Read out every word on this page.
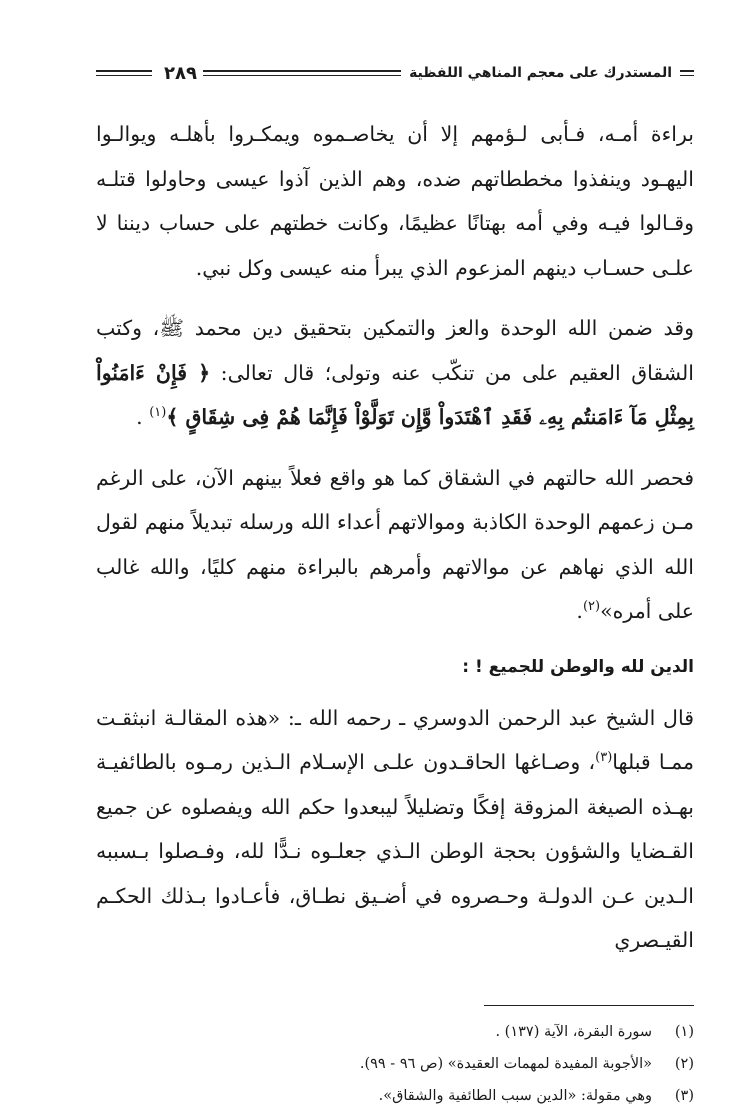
المستدرك على معجم المناهي اللفظية
٢٨٩

براءة أمـه، فـأبى لـؤمهم إلا أن يخاصـموه ويمكـروا بأهلـه ويوالـوا اليهـود وينفذوا مخططاتهم ضده، وهم الذين آذوا عيسى وحاولوا قتلـه وقـالوا فيـه وفي أمه بهتانًا عظيمًا، وكانت خطتهم على حساب ديننا لا علـى حسـاب دينهم المزعوم الذي يبرأ منه عيسى وكل نبي.

وقد ضمن الله الوحدة والعز والتمكين بتحقيق دين محمد ﷺ، وكتب الشقاق العقيم على من تنكّب عنه وتولى؛ قال تعالى: ﴿ فَإِنْ ءَامَنُواْ بِمِثْلِ مَآ ءَامَنتُم بِهِۦ فَقَدِ ٱهْتَدَواْ وَّإِن تَوَلَّوْاْ فَإِنَّمَا هُمْ فِى شِقَاقٍ ﴾$^{(١)}$ .

فحصر الله حالتهم في الشقاق كما هو واقع فعلاً بينهم الآن، على الرغم مـن زعمهم الوحدة الكاذبة وموالاتهم أعداء الله ورسله تبديلاً منهم لقول الله الذي نهاهم عن موالاتهم وأمرهم بالبراءة منهم كليًا، والله غالب على أمره»$^{(٢)}$.

الدين لله والوطن للجميع ! :

قال الشيخ عبد الرحمن الدوسري ـ رحمه الله ـ: «هذه المقالـة انبثقـت ممـا قبلها$^{(٣)}$، وصـاغها الحاقـدون علـى الإسـلام الـذين رمـوه بالطائفيـة بهـذه الصيغة المزوقة إفكًا وتضليلاً ليبعدوا حكم الله ويفصلوه عن جميع القـضايا والشؤون بحجة الوطن الـذي جعلـوه نـدًّا لله، وفـصلوا بـسببه الـدين عـن الدولـة وحـصروه في أضـيق نطـاق، فأعـادوا بـذلك الحكـم القيـصري

(١)
سورة البقرة، الآية (١٣٧) .
(٢)
«الأجوبة المفيدة لمهمات العقيدة» (ص ٩٦ - ٩٩).
(٣)
وهي مقولة: «الدين سبب الطائفية والشقاق».
